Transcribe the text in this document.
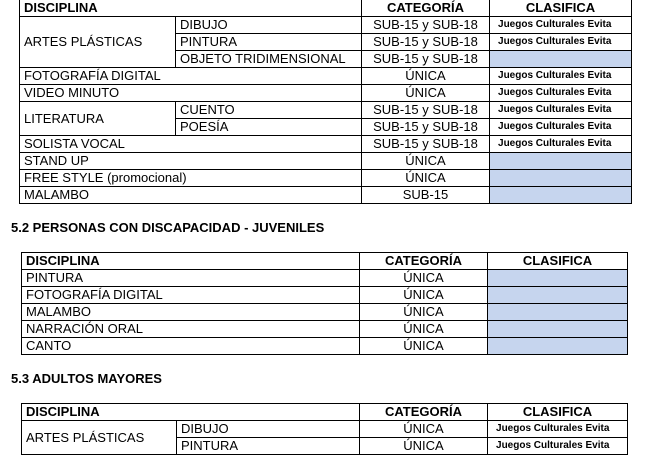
DISCIPLINA		CATEGORÍA	CLASIFICA
ARTES PLÁSTICAS	DIBUJO	SUB-15 y SUB-18	Juegos Culturales Evita
	PINTURA	SUB-15 y SUB-18	Juegos Culturales Evita
	OBJETO TRIDIMENSIONAL	SUB-15 y SUB-18	
FOTOGRAFÍA DIGITAL		ÚNICA	Juegos Culturales Evita
VIDEO MINUTO		ÚNICA	Juegos Culturales Evita
LITERATURA	CUENTO	SUB-15 y SUB-18	Juegos Culturales Evita
	POESÍA	SUB-15 y SUB-18	Juegos Culturales Evita
SOLISTA VOCAL		SUB-15 y SUB-18	Juegos Culturales Evita
STAND UP		ÚNICA	
FREE STYLE (promocional)		ÚNICA	
MALAMBO		SUB-15	

5.2 PERSONAS CON DISCAPACIDAD - JUVENILES

DISCIPLINA	CATEGORÍA	CLASIFICA
PINTURA	ÚNICA	
FOTOGRAFÍA DIGITAL	ÚNICA	
MALAMBO	ÚNICA	
NARRACIÓN ORAL	ÚNICA	
CANTO	ÚNICA	

5.3 ADULTOS MAYORES

DISCIPLINA		CATEGORÍA	CLASIFICA
ARTES PLÁSTICAS	DIBUJO	ÚNICA	Juegos Culturales Evita
	PINTURA	ÚNICA	Juegos Culturales Evita
